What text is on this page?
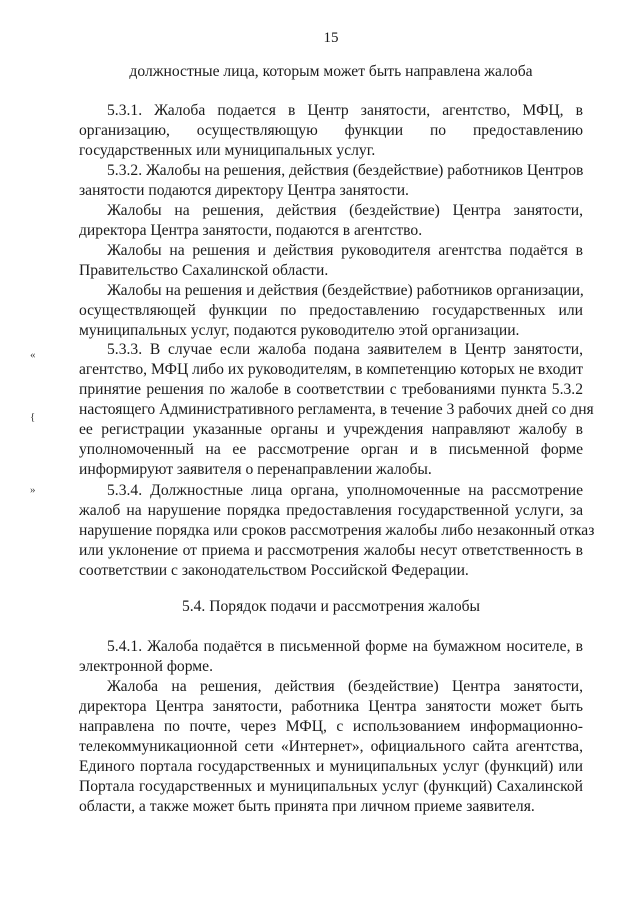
15
должностные лица, которым может быть направлена жалоба
5.3.1. Жалоба подается в Центр занятости, агентство, МФЦ, в
организацию, осуществляющую функции по предоставлению
государственных или муниципальных услуг.
5.3.2. Жалобы на решения, действия (бездействие) работников Центров
занятости подаются директору Центра занятости.
Жалобы на решения, действия (бездействие) Центра занятости,
директора Центра занятости, подаются в агентство.
Жалобы на решения и действия руководителя агентства подаётся в
Правительство Сахалинской области.
Жалобы на решения и действия (бездействие) работников организации,
осуществляющей функции по предоставлению государственных или
муниципальных услуг, подаются руководителю этой организации.
5.3.3. В случае если жалоба подана заявителем в Центр занятости,
агентство, МФЦ либо их руководителям, в компетенцию которых не входит
принятие решения по жалобе в соответствии с требованиями пункта 5.3.2
настоящего Административного регламента, в течение 3 рабочих дней со дня
ее регистрации указанные органы и учреждения направляют жалобу в
уполномоченный на ее рассмотрение орган и в письменной форме
информируют заявителя о перенаправлении жалобы.
5.3.4. Должностные лица органа, уполномоченные на рассмотрение
жалоб на нарушение порядка предоставления государственной услуги, за
нарушение порядка или сроков рассмотрения жалобы либо незаконный отказ
или уклонение от приема и рассмотрения жалобы несут ответственность в
соответствии с законодательством Российской Федерации.
5.4. Порядок подачи и рассмотрения жалобы
5.4.1. Жалоба подаётся в письменной форме на бумажном носителе, в
электронной форме.
Жалоба на решения, действия (бездействие) Центра занятости,
директора Центра занятости, работника Центра занятости может быть
направлена по почте, через МФЦ, с использованием информационно-
телекоммуникационной сети «Интернет», официального сайта агентства,
Единого портала государственных и муниципальных услуг (функций) или
Портала государственных и муниципальных услуг (функций) Сахалинской
области, а также может быть принята при личном приеме заявителя.
«
{
»
